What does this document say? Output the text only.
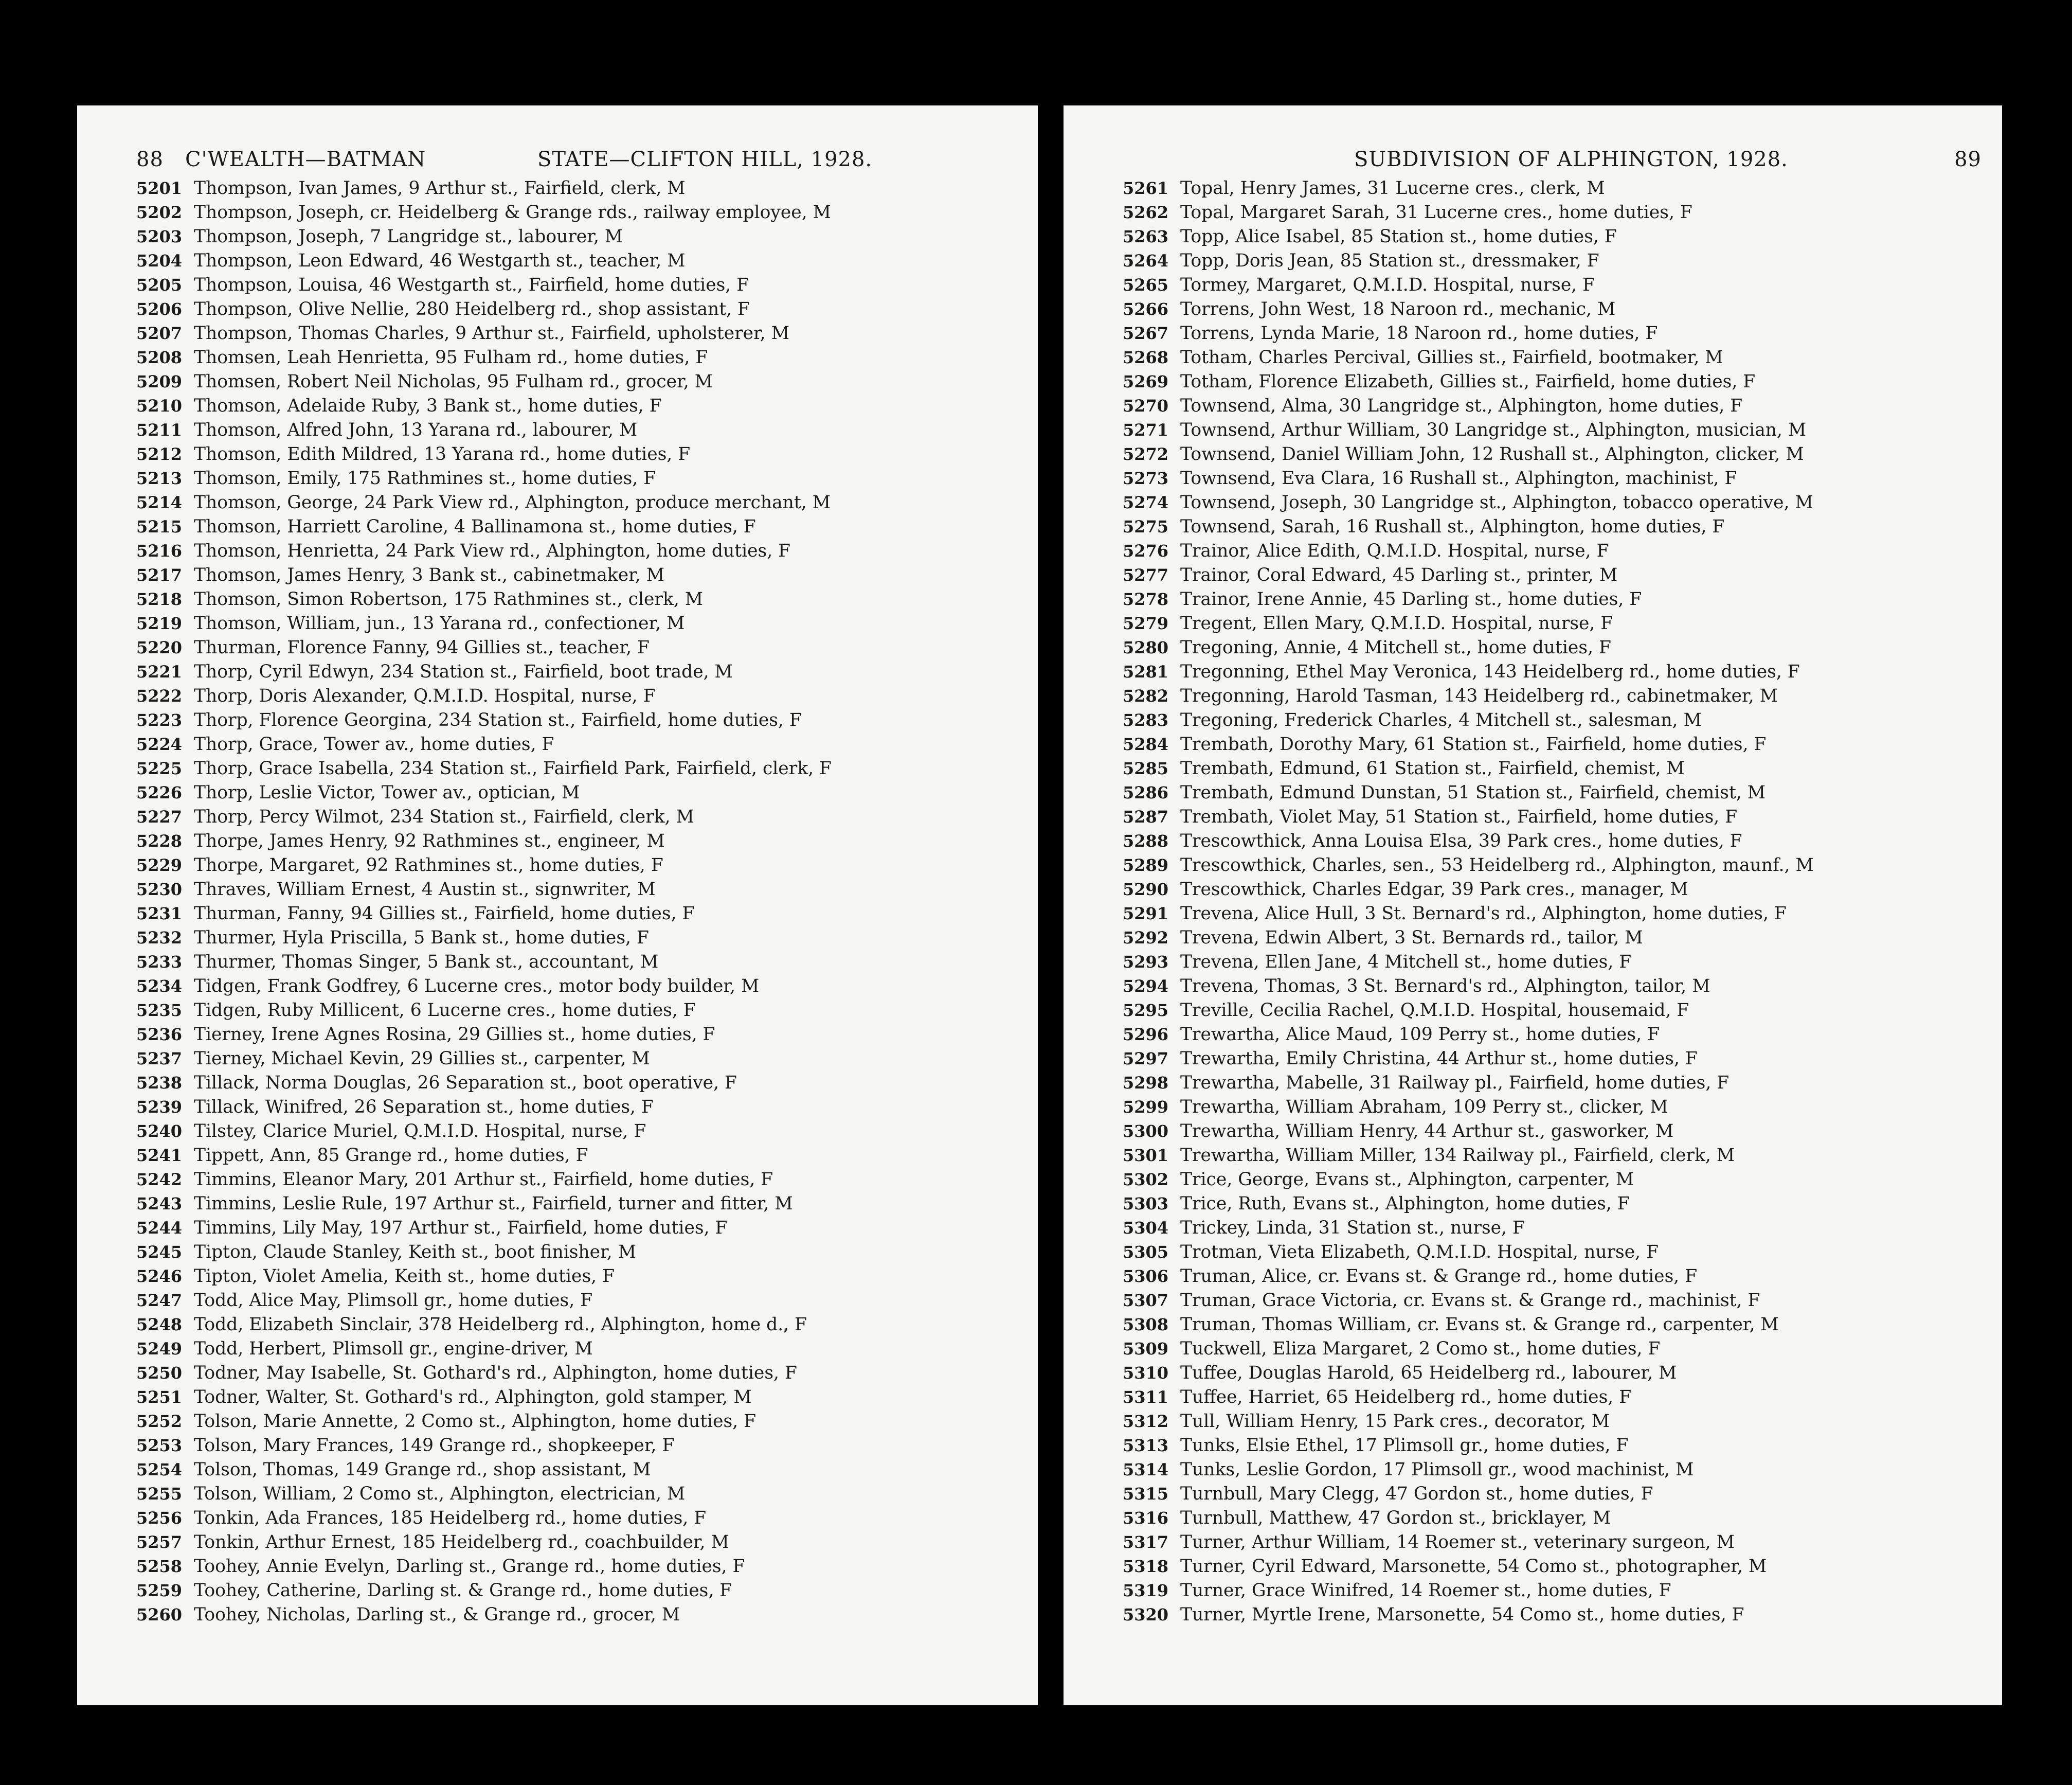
88 C'WEALTH—BATMAN	STATE—CLIFTON HILL, 1928.
5201 Thompson, Ivan James, 9 Arthur st., Fairfield, clerk, M
5202 Thompson, Joseph, cr. Heidelberg & Grange rds., railway employee, M
5203 Thompson, Joseph, 7 Langridge st., labourer, M
5204 Thompson, Leon Edward, 46 Westgarth st., teacher, M
5205 Thompson, Louisa, 46 Westgarth st., Fairfield, home duties, F
5206 Thompson, Olive Nellie, 280 Heidelberg rd., shop assistant, F
5207 Thompson, Thomas Charles, 9 Arthur st., Fairfield, upholsterer, M
5208 Thomsen, Leah Henrietta, 95 Fulham rd., home duties, F
5209 Thomsen, Robert Neil Nicholas, 95 Fulham rd., grocer, M
5210 Thomson, Adelaide Ruby, 3 Bank st., home duties, F
5211 Thomson, Alfred John, 13 Yarana rd., labourer, M
5212 Thomson, Edith Mildred, 13 Yarana rd., home duties, F
5213 Thomson, Emily, 175 Rathmines st., home duties, F
5214 Thomson, George, 24 Park View rd., Alphington, produce merchant, M
5215 Thomson, Harriett Caroline, 4 Ballinamona st., home duties, F
5216 Thomson, Henrietta, 24 Park View rd., Alphington, home duties, F
5217 Thomson, James Henry, 3 Bank st., cabinetmaker, M
5218 Thomson, Simon Robertson, 175 Rathmines st., clerk, M
5219 Thomson, William, jun., 13 Yarana rd., confectioner, M
5220 Thurman, Florence Fanny, 94 Gillies st., teacher, F
5221 Thorp, Cyril Edwyn, 234 Station st., Fairfield, boot trade, M
5222 Thorp, Doris Alexander, Q.M.I.D. Hospital, nurse, F
5223 Thorp, Florence Georgina, 234 Station st., Fairfield, home duties, F
5224 Thorp, Grace, Tower av., home duties, F
5225 Thorp, Grace Isabella, 234 Station st., Fairfield Park, Fairfield, clerk, F
5226 Thorp, Leslie Victor, Tower av., optician, M
5227 Thorp, Percy Wilmot, 234 Station st., Fairfield, clerk, M
5228 Thorpe, James Henry, 92 Rathmines st., engineer, M
5229 Thorpe, Margaret, 92 Rathmines st., home duties, F
5230 Thraves, William Ernest, 4 Austin st., signwriter, M
5231 Thurman, Fanny, 94 Gillies st., Fairfield, home duties, F
5232 Thurmer, Hyla Priscilla, 5 Bank st., home duties, F
5233 Thurmer, Thomas Singer, 5 Bank st., accountant, M
5234 Tidgen, Frank Godfrey, 6 Lucerne cres., motor body builder, M
5235 Tidgen, Ruby Millicent, 6 Lucerne cres., home duties, F
5236 Tierney, Irene Agnes Rosina, 29 Gillies st., home duties, F
5237 Tierney, Michael Kevin, 29 Gillies st., carpenter, M
5238 Tillack, Norma Douglas, 26 Separation st., boot operative, F
5239 Tillack, Winifred, 26 Separation st., home duties, F
5240 Tilstey, Clarice Muriel, Q.M.I.D. Hospital, nurse, F
5241 Tippett, Ann, 85 Grange rd., home duties, F
5242 Timmins, Eleanor Mary, 201 Arthur st., Fairfield, home duties, F
5243 Timmins, Leslie Rule, 197 Arthur st., Fairfield, turner and fitter, M
5244 Timmins, Lily May, 197 Arthur st., Fairfield, home duties, F
5245 Tipton, Claude Stanley, Keith st., boot finisher, M
5246 Tipton, Violet Amelia, Keith st., home duties, F
5247 Todd, Alice May, Plimsoll gr., home duties, F
5248 Todd, Elizabeth Sinclair, 378 Heidelberg rd., Alphington, home d., F
5249 Todd, Herbert, Plimsoll gr., engine-driver, M
5250 Todner, May Isabelle, St. Gothard's rd., Alphington, home duties, F
5251 Todner, Walter, St. Gothard's rd., Alphington, gold stamper, M
5252 Tolson, Marie Annette, 2 Como st., Alphington, home duties, F
5253 Tolson, Mary Frances, 149 Grange rd., shopkeeper, F
5254 Tolson, Thomas, 149 Grange rd., shop assistant, M
5255 Tolson, William, 2 Como st., Alphington, electrician, M
5256 Tonkin, Ada Frances, 185 Heidelberg rd., home duties, F
5257 Tonkin, Arthur Ernest, 185 Heidelberg rd., coachbuilder, M
5258 Toohey, Annie Evelyn, Darling st., Grange rd., home duties, F
5259 Toohey, Catherine, Darling st. & Grange rd., home duties, F
5260 Toohey, Nicholas, Darling st., & Grange rd., grocer, M
SUBDIVISION OF ALPHINGTON, 1928.	89
5261 Topal, Henry James, 31 Lucerne cres., clerk, M
5262 Topal, Margaret Sarah, 31 Lucerne cres., home duties, F
5263 Topp, Alice Isabel, 85 Station st., home duties, F
5264 Topp, Doris Jean, 85 Station st., dressmaker, F
5265 Tormey, Margaret, Q.M.I.D. Hospital, nurse, F
5266 Torrens, John West, 18 Naroon rd., mechanic, M
5267 Torrens, Lynda Marie, 18 Naroon rd., home duties, F
5268 Totham, Charles Percival, Gillies st., Fairfield, bootmaker, M
5269 Totham, Florence Elizabeth, Gillies st., Fairfield, home duties, F
5270 Townsend, Alma, 30 Langridge st., Alphington, home duties, F
5271 Townsend, Arthur William, 30 Langridge st., Alphington, musician, M
5272 Townsend, Daniel William John, 12 Rushall st., Alphington, clicker, M
5273 Townsend, Eva Clara, 16 Rushall st., Alphington, machinist, F
5274 Townsend, Joseph, 30 Langridge st., Alphington, tobacco operative, M
5275 Townsend, Sarah, 16 Rushall st., Alphington, home duties, F
5276 Trainor, Alice Edith, Q.M.I.D. Hospital, nurse, F
5277 Trainor, Coral Edward, 45 Darling st., printer, M
5278 Trainor, Irene Annie, 45 Darling st., home duties, F
5279 Tregent, Ellen Mary, Q.M.I.D. Hospital, nurse, F
5280 Tregoning, Annie, 4 Mitchell st., home duties, F
5281 Tregonning, Ethel May Veronica, 143 Heidelberg rd., home duties, F
5282 Tregonning, Harold Tasman, 143 Heidelberg rd., cabinetmaker, M
5283 Tregoning, Frederick Charles, 4 Mitchell st., salesman, M
5284 Trembath, Dorothy Mary, 61 Station st., Fairfield, home duties, F
5285 Trembath, Edmund, 61 Station st., Fairfield, chemist, M
5286 Trembath, Edmund Dunstan, 51 Station st., Fairfield, chemist, M
5287 Trembath, Violet May, 51 Station st., Fairfield, home duties, F
5288 Trescowthick, Anna Louisa Elsa, 39 Park cres., home duties, F
5289 Trescowthick, Charles, sen., 53 Heidelberg rd., Alphington, maunf., M
5290 Trescowthick, Charles Edgar, 39 Park cres., manager, M
5291 Trevena, Alice Hull, 3 St. Bernard's rd., Alphington, home duties, F
5292 Trevena, Edwin Albert, 3 St. Bernards rd., tailor, M
5293 Trevena, Ellen Jane, 4 Mitchell st., home duties, F
5294 Trevena, Thomas, 3 St. Bernard's rd., Alphington, tailor, M
5295 Treville, Cecilia Rachel, Q.M.I.D. Hospital, housemaid, F
5296 Trewartha, Alice Maud, 109 Perry st., home duties, F
5297 Trewartha, Emily Christina, 44 Arthur st., home duties, F
5298 Trewartha, Mabelle, 31 Railway pl., Fairfield, home duties, F
5299 Trewartha, William Abraham, 109 Perry st., clicker, M
5300 Trewartha, William Henry, 44 Arthur st., gasworker, M
5301 Trewartha, William Miller, 134 Railway pl., Fairfield, clerk, M
5302 Trice, George, Evans st., Alphington, carpenter, M
5303 Trice, Ruth, Evans st., Alphington, home duties, F
5304 Trickey, Linda, 31 Station st., nurse, F
5305 Trotman, Vieta Elizabeth, Q.M.I.D. Hospital, nurse, F
5306 Truman, Alice, cr. Evans st. & Grange rd., home duties, F
5307 Truman, Grace Victoria, cr. Evans st. & Grange rd., machinist, F
5308 Truman, Thomas William, cr. Evans st. & Grange rd., carpenter, M
5309 Tuckwell, Eliza Margaret, 2 Como st., home duties, F
5310 Tuffee, Douglas Harold, 65 Heidelberg rd., labourer, M
5311 Tuffee, Harriet, 65 Heidelberg rd., home duties, F
5312 Tull, William Henry, 15 Park cres., decorator, M
5313 Tunks, Elsie Ethel, 17 Plimsoll gr., home duties, F
5314 Tunks, Leslie Gordon, 17 Plimsoll gr., wood machinist, M
5315 Turnbull, Mary Clegg, 47 Gordon st., home duties, F
5316 Turnbull, Matthew, 47 Gordon st., bricklayer, M
5317 Turner, Arthur William, 14 Roemer st., veterinary surgeon, M
5318 Turner, Cyril Edward, Marsonette, 54 Como st., photographer, M
5319 Turner, Grace Winifred, 14 Roemer st., home duties, F
5320 Turner, Myrtle Irene, Marsonette, 54 Como st., home duties, F
